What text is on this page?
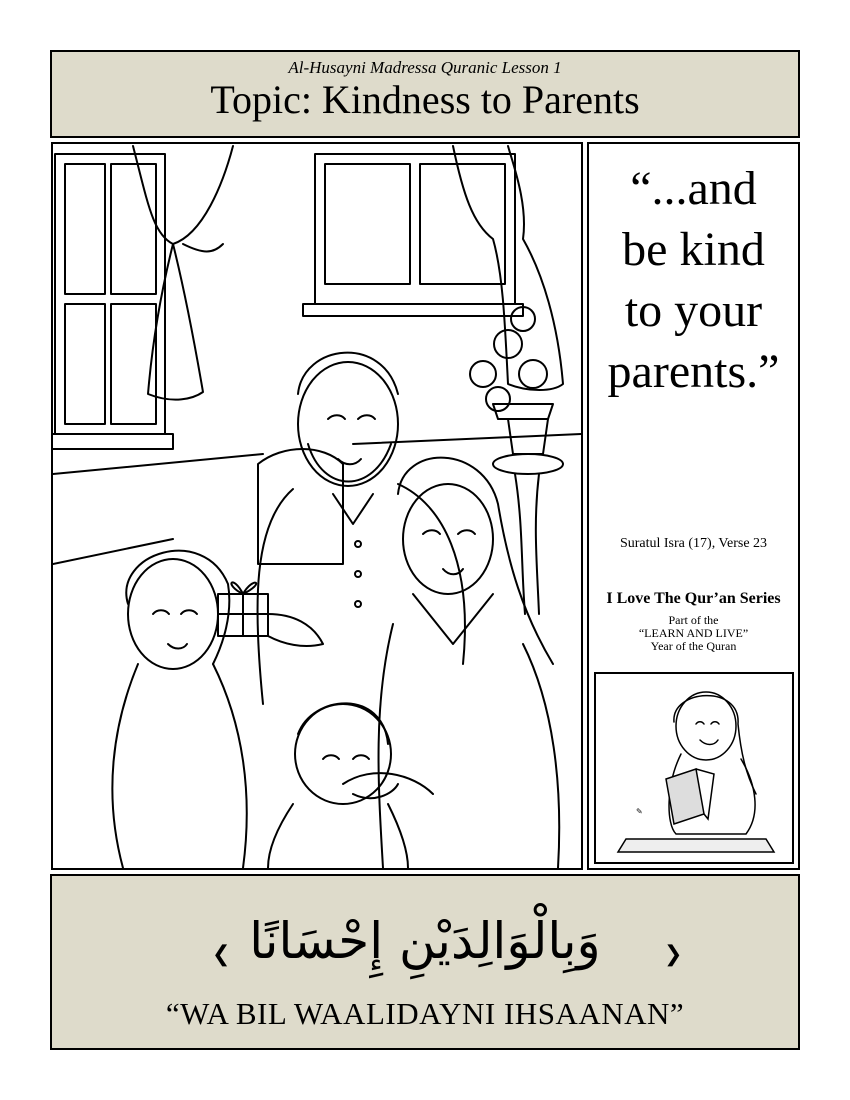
Al-Husayni Madressa Quranic Lesson 1
Topic: Kindness to Parents
“...and
be kind
to your
parents.”
Suratul Isra (17), Verse 23
I Love The Qur’an Series
Part of the
“LEARN AND LIVE”
Year of the Quran
✎
❮ وَبِالْوَالِدَيْنِ إِحْسَانًا	❯
“WA BIL WAALIDAYNI IHSAANAN”
